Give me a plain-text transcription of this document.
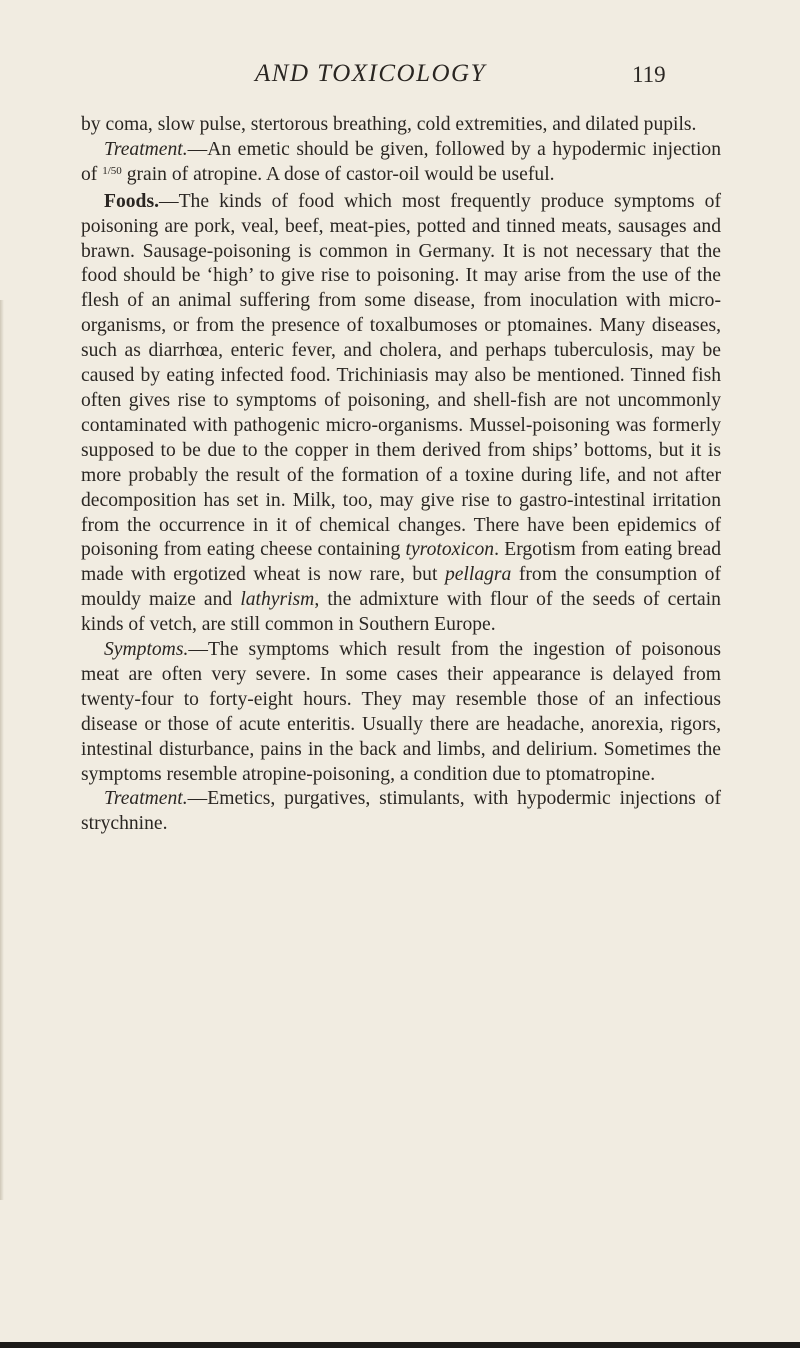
AND TOXICOLOGY	119

by coma, slow pulse, stertorous breathing, cold extremities, and dilated pupils.

Treatment.—An emetic should be given, followed by a hypodermic injection of $^{1/50}$ grain of atropine. A dose of castor-oil would be useful.

Foods.—The kinds of food which most frequently produce symptoms of poisoning are pork, veal, beef, meat-pies, potted and tinned meats, sausages and brawn. Sausage-poisoning is common in Germany. It is not necessary that the food should be ‘high’ to give rise to poisoning. It may arise from the use of the flesh of an animal suffering from some disease, from inoculation with micro-organisms, or from the presence of toxalbumoses or ptomaines. Many diseases, such as diarrhœa, enteric fever, and cholera, and perhaps tuberculosis, may be caused by eating infected food. Trichiniasis may also be mentioned. Tinned fish often gives rise to symptoms of poisoning, and shell-fish are not uncommonly contaminated with pathogenic micro-organisms. Mussel-poisoning was formerly supposed to be due to the copper in them derived from ships’ bottoms, but it is more probably the result of the formation of a toxine during life, and not after decomposition has set in. Milk, too, may give rise to gastro-intestinal irritation from the occurrence in it of chemical changes. There have been epidemics of poisoning from eating cheese containing tyrotoxicon. Ergotism from eating bread made with ergotized wheat is now rare, but pellagra from the consumption of mouldy maize and lathyrism, the admixture with flour of the seeds of certain kinds of vetch, are still common in Southern Europe.

Symptoms.—The symptoms which result from the ingestion of poisonous meat are often very severe. In some cases their appearance is delayed from twenty-four to forty-eight hours. They may resemble those of an infectious disease or those of acute enteritis. Usually there are headache, anorexia, rigors, intestinal disturbance, pains in the back and limbs, and delirium. Sometimes the symptoms resemble atropine-poisoning, a condition due to ptomatropine.

Treatment.—Emetics, purgatives, stimulants, with hypodermic injections of strychnine.
